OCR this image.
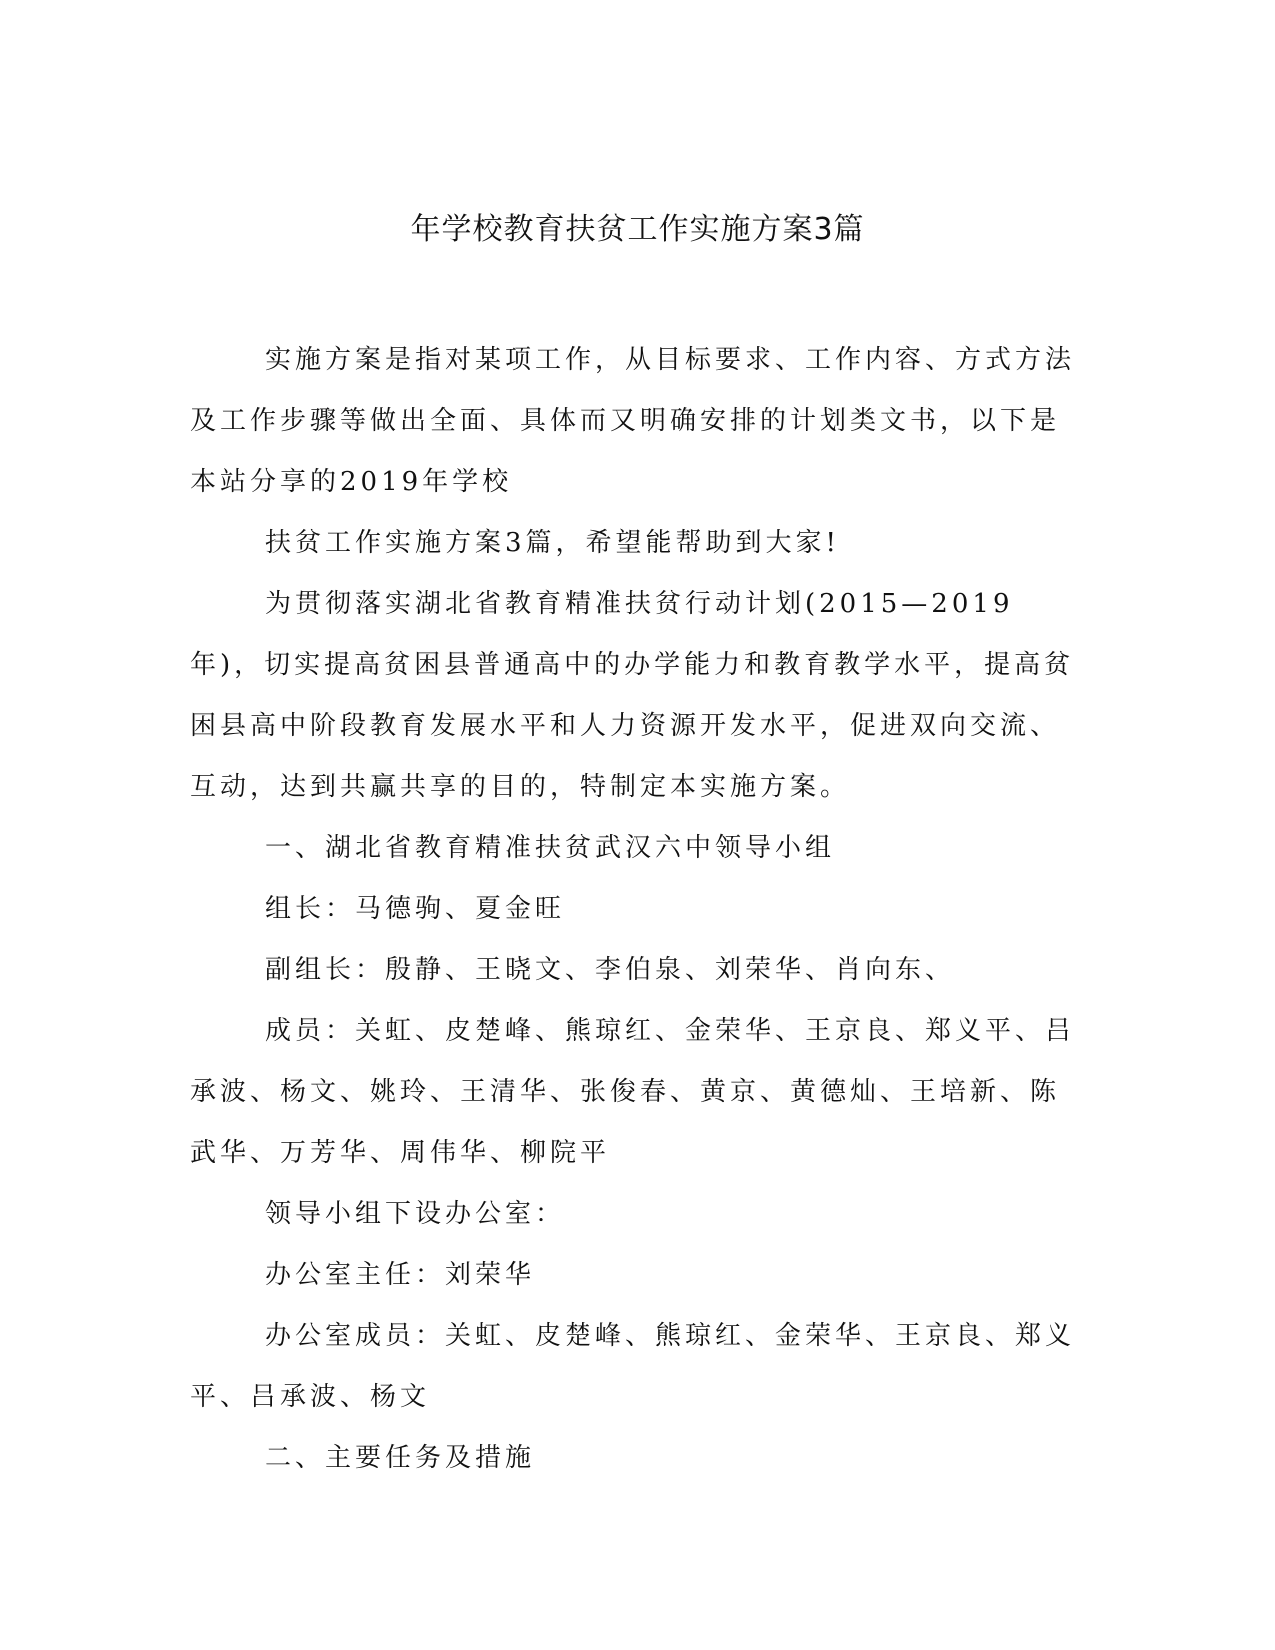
年学校教育扶贫工作实施方案3篇

实施方案是指对某项工作，从目标要求、工作内容、方式方法及工作步骤等做出全面、具体而又明确安排的计划类文书，以下是本站分享的2019年学校

扶贫工作实施方案3篇，希望能帮助到大家!

为贯彻落实湖北省教育精准扶贫行动计划(2015—2019年)，切实提高贫困县普通高中的办学能力和教育教学水平，提高贫困县高中阶段教育发展水平和人力资源开发水平，促进双向交流、互动，达到共赢共享的目的，特制定本实施方案。

一、湖北省教育精准扶贫武汉六中领导小组

组长：马德驹、夏金旺

副组长：殷静、王晓文、李伯泉、刘荣华、肖向东、

成员：关虹、皮楚峰、熊琼红、金荣华、王京良、郑义平、吕承波、杨文、姚玲、王清华、张俊春、黄京、黄德灿、王培新、陈武华、万芳华、周伟华、柳院平

领导小组下设办公室：

办公室主任：刘荣华

办公室成员：关虹、皮楚峰、熊琼红、金荣华、王京良、郑义平、吕承波、杨文

二、主要任务及措施
